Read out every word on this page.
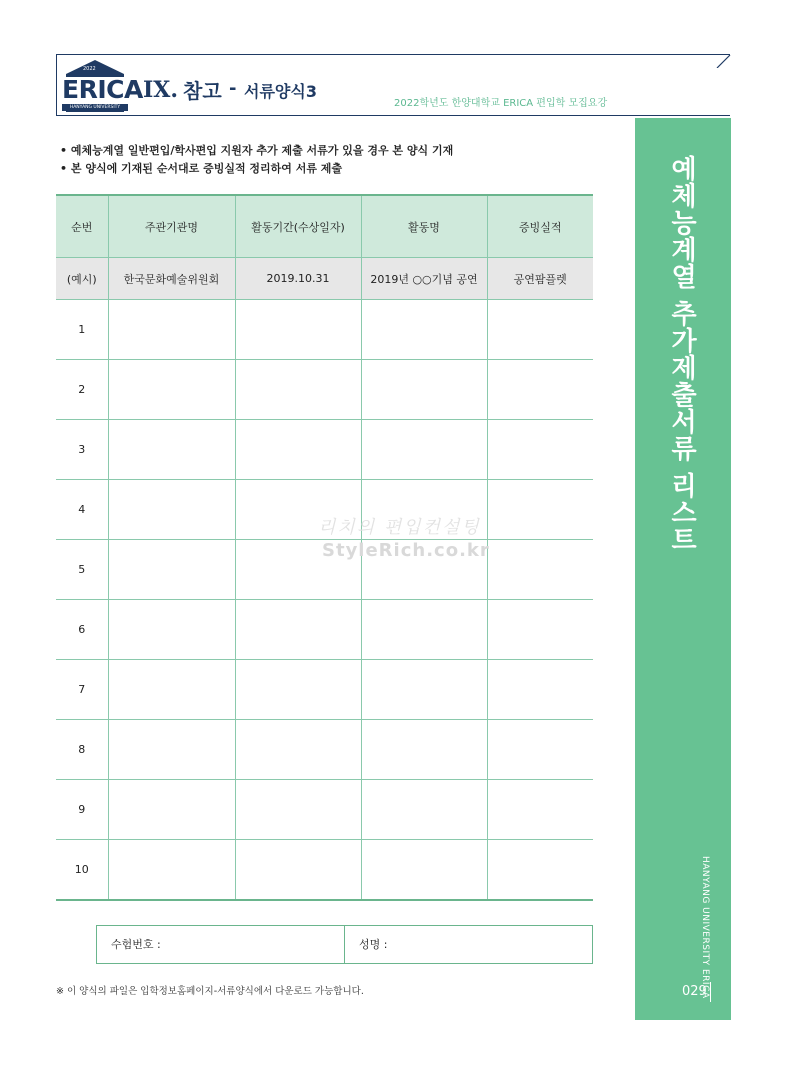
2022
ERICA
HANYANG UNIVERSITY
IX. 참고 - 서류양식3
2022학년도 한양대학교 ERICA 편입학 모집요강
• 예체능계열 일반편입/학사편입 지원자 추가 제출 서류가 있을 경우 본 양식 기재
• 본 양식에 기재된 순서대로 증빙실적 정리하여 서류 제출
순번	주관기관명	활동기간(수상일자)	활동명	증빙실적
(예시)	한국문화예술위원회	2019.10.31	2019년 ○○기념 공연	공연팜플렛
1				
2				
3				
4				
5				
6				
7				
8				
9				
10				
리치의 편입컨설팅
StyleRich.co.kr
수험번호 :	성명 :
※ 이 양식의 파일은 입학정보홈페이지-서류양식에서 다운로드 가능합니다.
예체능계열 추가제출서류 리스트
HANYANG UNIVERSITY ERICA
029
